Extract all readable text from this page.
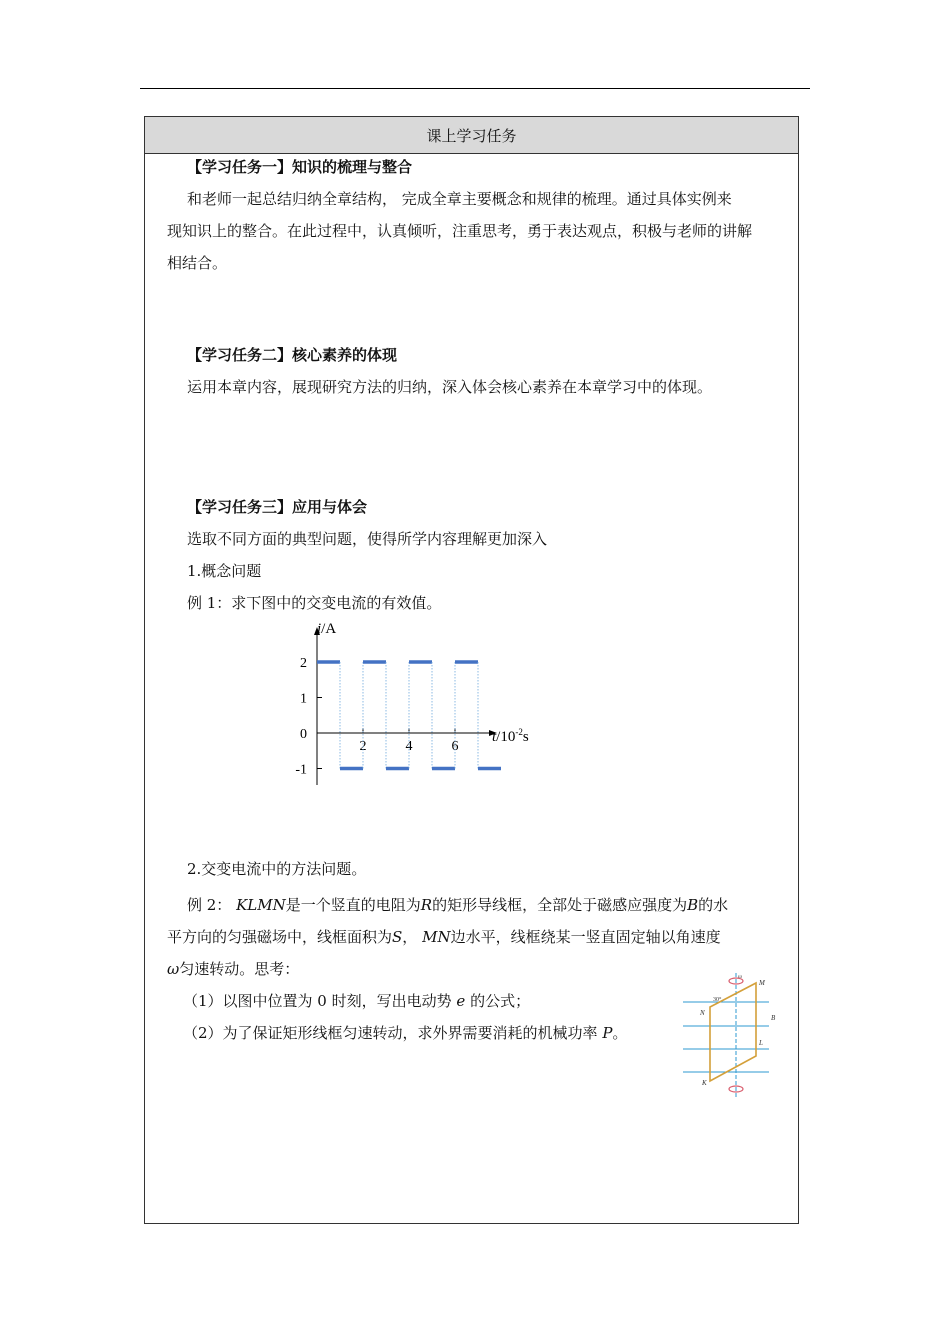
课上学习任务
【学习任务一】知识的梳理与整合
和老师一起总结归纳全章结构， 完成全章主要概念和规律的梳理。通过具体实例来
现知识上的整合。在此过程中，认真倾听，注重思考，勇于表达观点，积极与老师的讲解
相结合。
【学习任务二】核心素养的体现
运用本章内容，展现研究方法的归纳，深入体会核心素养在本章学习中的体现。
【学习任务三】应用与体会
选取不同方面的典型问题，使得所学内容理解更加深入
1.概念问题
例 1：求下图中的交变电流的有效值。
2
1
0
-1
2	4	6
i/A
$t/10^{-2}s$
2.交变电流中的方法问题。
例 2： KLMN是一个竖直的电阻为R的矩形导线框，全部处于磁感应强度为B的水
平方向的匀强磁场中，线框面积为S， MN边水平，线框绕某一竖直固定轴以角速度
ω匀速转动。思考：
（1）以图中位置为 0 时刻，写出电动势 e 的公式；
（2）为了保证矩形线框匀速转动，求外界需要消耗的机械功率 P。
ω
M
30°
N
B
L
K
